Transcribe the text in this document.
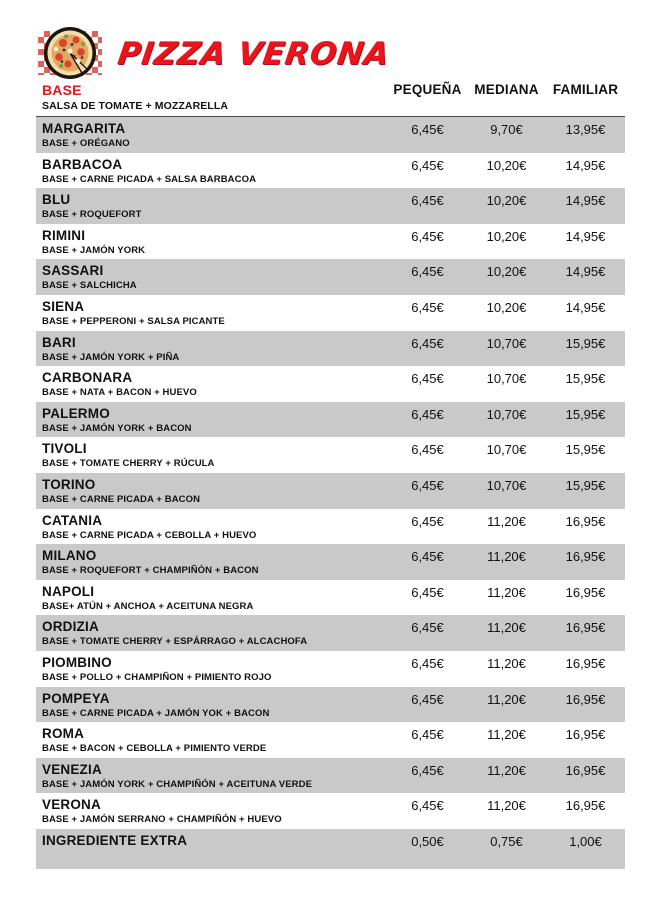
PIZZA VERONA
BASE	PEQUEÑA MEDIANA	FAMILIAR
SALSA DE TOMATE + MOZZARELLA
MARGARITA
BASE + ORÉGANO
6,45€	9,70€	13,95€
BARBACOA
BASE + CARNE PICADA + SALSA BARBACOA
6,45€	10,20€	14,95€
BLU
BASE + ROQUEFORT
6,45€	10,20€	14,95€
RIMINI
BASE + JAMÓN YORK
6,45€	10,20€	14,95€
SASSARI
BASE + SALCHICHA
6,45€	10,20€	14,95€
SIENA
BASE + PEPPERONI + SALSA PICANTE
6,45€	10,20€	14,95€
BARI
BASE + JAMÓN YORK + PIÑA
6,45€	10,70€	15,95€
CARBONARA
BASE + NATA + BACON + HUEVO
6,45€	10,70€	15,95€
PALERMO
BASE + JAMÓN YORK + BACON
6,45€	10,70€	15,95€
TIVOLI
BASE + TOMATE CHERRY + RÚCULA
6,45€	10,70€	15,95€
TORINO
BASE + CARNE PICADA + BACON
6,45€	10,70€	15,95€
CATANIA
BASE + CARNE PICADA + CEBOLLA + HUEVO
6,45€	11,20€	16,95€
MILANO
BASE + ROQUEFORT + CHAMPIÑÓN + BACON
6,45€	11,20€	16,95€
NAPOLI
BASE+ ATÚN + ANCHOA + ACEITUNA NEGRA
6,45€	11,20€	16,95€
ORDIZIA
BASE + TOMATE CHERRY + ESPÁRRAGO + ALCACHOFA
6,45€	11,20€	16,95€
PIOMBINO
BASE + POLLO + CHAMPIÑON + PIMIENTO ROJO
6,45€	11,20€	16,95€
POMPEYA
BASE + CARNE PICADA + JAMÓN YOK + BACON
6,45€	11,20€	16,95€
ROMA
BASE + BACON + CEBOLLA + PIMIENTO VERDE
6,45€	11,20€	16,95€
VENEZIA
BASE + JAMÓN YORK + CHAMPIÑÓN + ACEITUNA VERDE
6,45€	11,20€	16,95€
VERONA
BASE + JAMÓN SERRANO + CHAMPIÑÓN + HUEVO
6,45€	11,20€	16,95€
INGREDIENTE EXTRA	0,50€	0,75€	1,00€
